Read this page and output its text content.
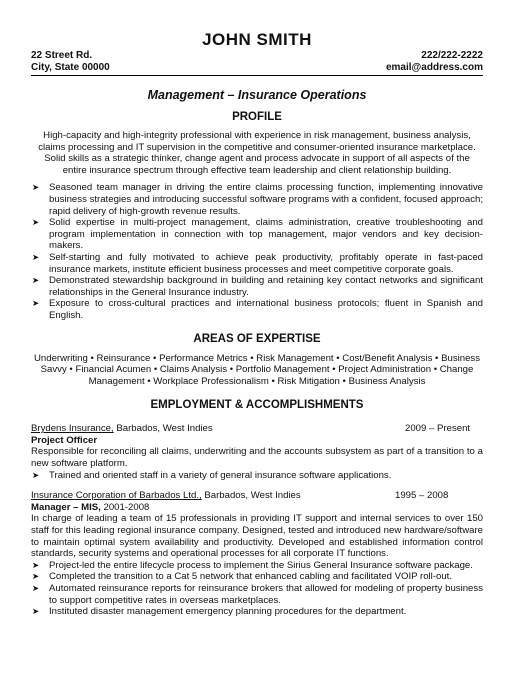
JOHN SMITH
22 Street Rd.	222/222-2222
City, State 00000	email@address.com
Management – Insurance Operations
PROFILE
High-capacity and high-integrity professional with experience in risk management, business analysis, claims processing and IT supervision in the competitive and consumer-oriented insurance marketplace. Solid skills as a strategic thinker, change agent and process advocate in support of all aspects of the entire insurance spectrum through effective team leadership and client relationship building.
➤ Seasoned team manager in driving the entire claims processing function, implementing innovative business strategies and introducing successful software programs with a confident, focused approach; rapid delivery of high-growth revenue results.
➤ Solid expertise in multi-project management, claims administration, creative troubleshooting and program implementation in connection with top management, major vendors and key decision-makers.
➤ Self-starting and fully motivated to achieve peak productivity, profitably operate in fast-paced insurance markets, institute efficient business processes and meet competitive corporate goals.
➤ Demonstrated stewardship background in building and retaining key contact networks and significant relationships in the General Insurance industry.
➤ Exposure to cross-cultural practices and international business protocols; fluent in Spanish and English.
AREAS OF EXPERTISE
Underwriting • Reinsurance • Performance Metrics • Risk Management • Cost/Benefit Analysis • Business Savvy • Financial Acumen • Claims Analysis • Portfolio Management • Project Administration • Change Management • Workplace Professionalism • Risk Mitigation • Business Analysis
EMPLOYMENT & ACCOMPLISHMENTS
Brydens Insurance, Barbados, West Indies	2009 – Present
Project Officer
Responsible for reconciling all claims, underwriting and the accounts subsystem as part of a transition to a new software platform.
➤ Trained and oriented staff in a variety of general insurance software applications.
Insurance Corporation of Barbados Ltd., Barbados, West Indies	1995 – 2008
Manager – MIS, 2001-2008
In charge of leading a team of 15 professionals in providing IT support and internal services to over 150 staff for this leading regional insurance company. Designed, tested and introduced new hardware/software to maintain optimal system availability and productivity. Developed and established information control standards, security systems and operational processes for all corporate IT functions.
➤ Project-led the entire lifecycle process to implement the Sirius General Insurance software package.
➤ Completed the transition to a Cat 5 network that enhanced cabling and facilitated VOIP roll-out.
➤ Automated reinsurance reports for reinsurance brokers that allowed for modeling of property business to support competitive rates in overseas marketplaces.
➤ Instituted disaster management emergency planning procedures for the department.
